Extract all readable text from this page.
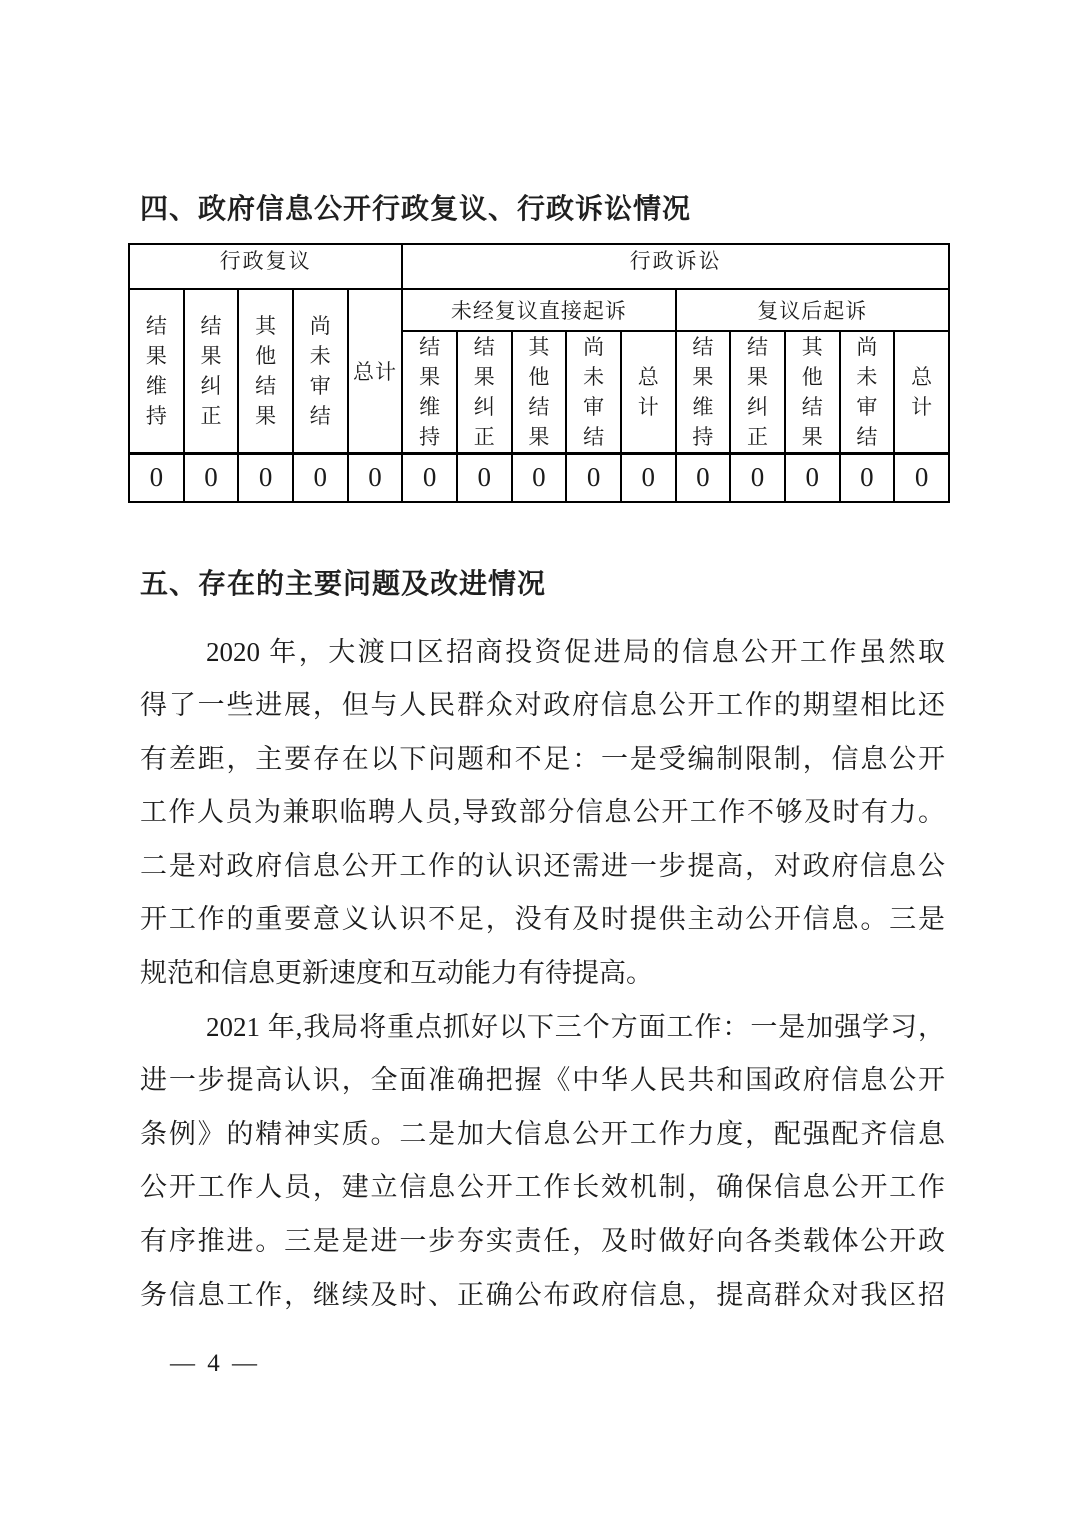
四、政府信息公开行政复议、行政诉讼情况
行政复议					行政诉讼									
结果维持	结果纠正	其他结果	尚未审结	总计	未经复议直接起诉					复议后起诉				
					结果维持	结果纠正	其他结果	尚未审结	总计	结果维持	结果纠正	其他结果	尚未审结	总计
0	0	0	0	0	0	0	0	0	0	0	0	0	0	0
五、存在的主要问题及改进情况
2020 年，大渡口区招商投资促进局的信息公开工作虽然取
得了一些进展，但与人民群众对政府信息公开工作的期望相比还
有差距，主要存在以下问题和不足：一是受编制限制，信息公开
工作人员为兼职临聘人员,导致部分信息公开工作不够及时有力。
二是对政府信息公开工作的认识还需进一步提高，对政府信息公
开工作的重要意义认识不足，没有及时提供主动公开信息。三是
规范和信息更新速度和互动能力有待提高。
2021 年,我局将重点抓好以下三个方面工作：一是加强学习，
进一步提高认识，全面准确把握《中华人民共和国政府信息公开
条例》的精神实质。二是加大信息公开工作力度，配强配齐信息
公开工作人员，建立信息公开工作长效机制，确保信息公开工作
有序推进。三是是进一步夯实责任，及时做好向各类载体公开政
务信息工作，继续及时、正确公布政府信息，提高群众对我区招
— 4 —
